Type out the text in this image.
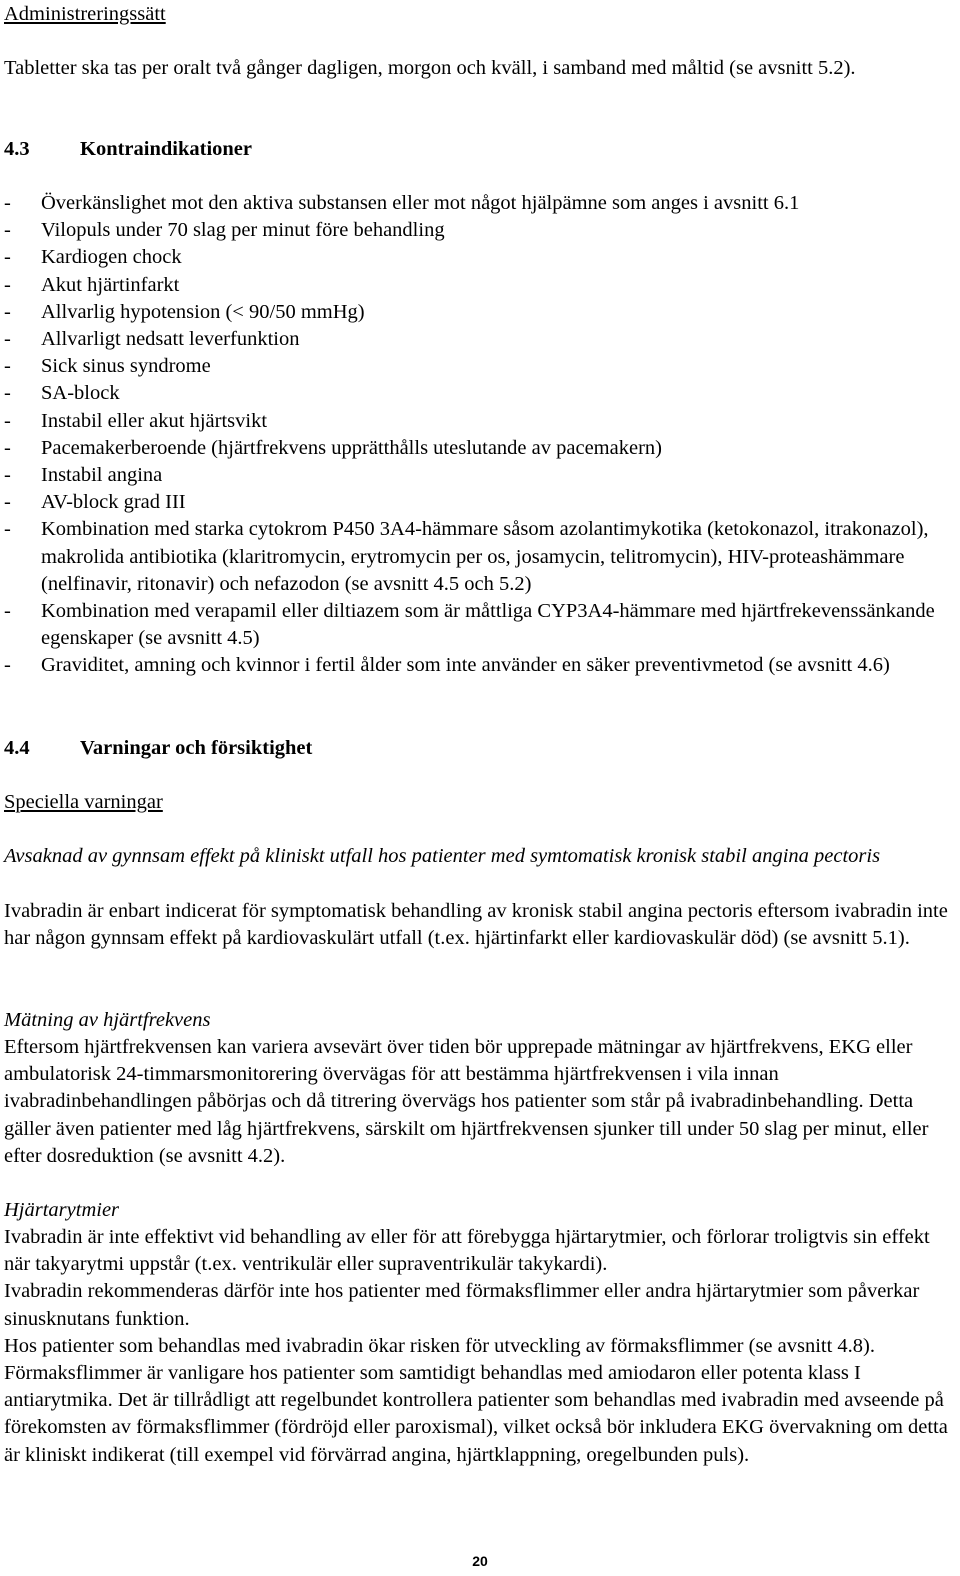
Administreringssätt

Tabletter ska tas per oralt två gånger dagligen, morgon och kväll, i samband med måltid (se avsnitt 5.2).

4.3	Kontraindikationer
-	Överkänslighet mot den aktiva substansen eller mot något hjälpämne som anges i avsnitt 6.1
-	Vilopuls under 70 slag per minut före behandling
-	Kardiogen chock
-	Akut hjärtinfarkt
-	Allvarlig hypotension (< 90/50 mmHg)
-	Allvarligt nedsatt leverfunktion
-	Sick sinus syndrome
-	SA-block
-	Instabil eller akut hjärtsvikt
-	Pacemakerberoende (hjärtfrekvens upprätthålls uteslutande av pacemakern)
-	Instabil angina
-	AV-block grad III
-	Kombination med starka cytokrom P450 3A4-hämmare såsom azolantimykotika (ketokonazol, itrakonazol), makrolida antibiotika (klaritromycin, erytromycin per os, josamycin, telitromycin), HIV-proteashämmare (nelfinavir, ritonavir) och nefazodon (se avsnitt 4.5 och 5.2)
-	Kombination med verapamil eller diltiazem som är måttliga CYP3A4-hämmare med hjärtfrekevenssänkande egenskaper (se avsnitt 4.5)
-	Graviditet, amning och kvinnor i fertil ålder som inte använder en säker preventivmetod (se avsnitt 4.6)
4.4	Varningar och försiktighet

Speciella varningar

Avsaknad av gynnsam effekt på kliniskt utfall hos patienter med symtomatisk kronisk stabil angina pectoris

Ivabradin är enbart indicerat för symptomatisk behandling av kronisk stabil angina pectoris eftersom ivabradin inte har någon gynnsam effekt på kardiovaskulärt utfall (t.ex. hjärtinfarkt eller kardiovaskulär död) (se avsnitt 5.1).

Mätning av hjärtfrekvens

Eftersom hjärtfrekvensen kan variera avsevärt över tiden bör upprepade mätningar av hjärtfrekvens, EKG eller ambulatorisk 24-timmarsmonitorering övervägas för att bestämma hjärtfrekvensen i vila innan ivabradinbehandlingen påbörjas och då titrering övervägs hos patienter som står på ivabradinbehandling. Detta gäller även patienter med låg hjärtfrekvens, särskilt om hjärtfrekvensen sjunker till under 50 slag per minut, eller efter dosreduktion (se avsnitt 4.2).

Hjärtarytmier

Ivabradin är inte effektivt vid behandling av eller för att förebygga hjärtarytmier, och förlorar troligtvis sin effekt när takyarytmi uppstår (t.ex. ventrikulär eller supraventrikulär takykardi).

Ivabradin rekommenderas därför inte hos patienter med förmaksflimmer eller andra hjärtarytmier som påverkar sinusknutans funktion.

Hos patienter som behandlas med ivabradin ökar risken för utveckling av förmaksflimmer (se avsnitt 4.8). Förmaksflimmer är vanligare hos patienter som samtidigt behandlas med amiodaron eller potenta klass I antiarytmika. Det är tillrådligt att regelbundet kontrollera patienter som behandlas med ivabradin med avseende på förekomsten av förmaksflimmer (fördröjd eller paroxismal), vilket också bör inkludera EKG övervakning om detta är kliniskt indikerat (till exempel vid förvärrad angina, hjärtklappning, oregelbunden puls).

20
